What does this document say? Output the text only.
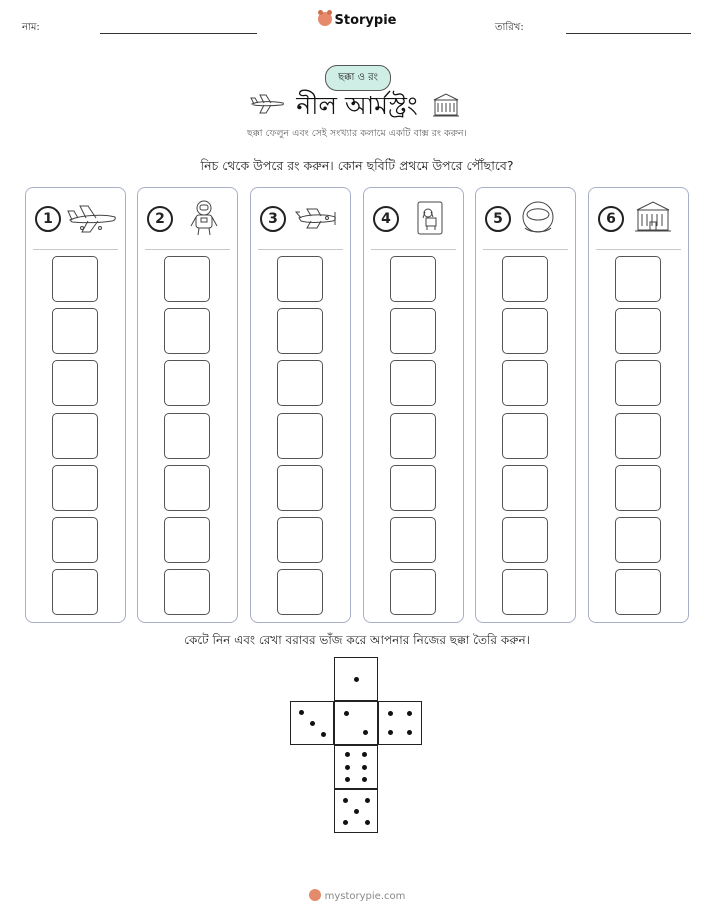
নাম:	Storypie	তারিখ:
ছক্কা ও রং
নীল আর্মস্ট্রং
ছক্কা ফেলুন এবং সেই সংখ্যার কলামে একটি বাক্স রং করুন।
নিচ থেকে উপরে রং করুন। কোন ছবিটি প্রথমে উপরে পৌঁছাবে?
1	2	3	4	5	6
কেটে নিন এবং রেখা বরাবর ভাঁজ করে আপনার নিজের ছক্কা তৈরি করুন।
mystorypie.com
